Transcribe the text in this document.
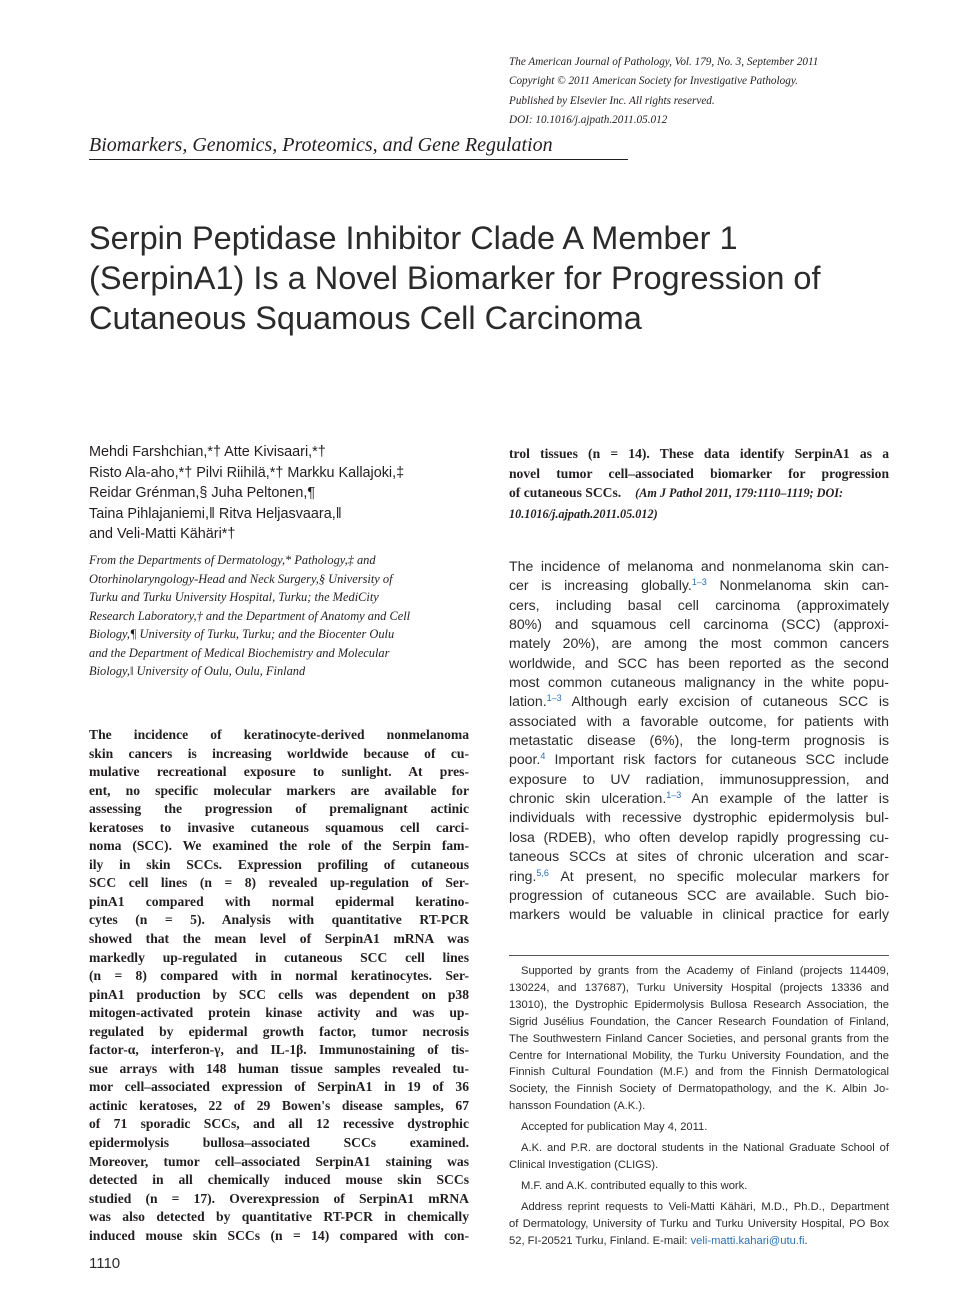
The American Journal of Pathology, Vol. 179, No. 3, September 2011
Copyright © 2011 American Society for Investigative Pathology.
Published by Elsevier Inc. All rights reserved.
DOI: 10.1016/j.ajpath.2011.05.012
Biomarkers, Genomics, Proteomics, and Gene Regulation
Serpin Peptidase Inhibitor Clade A Member 1
(SerpinA1) Is a Novel Biomarker for Progression of
Cutaneous Squamous Cell Carcinoma
Mehdi Farshchian,*† Atte Kivisaari,*†
Risto Ala-aho,*† Pilvi Riihilä,*† Markku Kallajoki,‡
Reidar Grénman,§ Juha Peltonen,¶
Taina Pihlajaniemi,‖ Ritva Heljasvaara,‖
and Veli-Matti Kähäri*†
From the Departments of Dermatology,* Pathology,‡ and
Otorhinolaryngology-Head and Neck Surgery,§ University of
Turku and Turku University Hospital, Turku; the MediCity
Research Laboratory,† and the Department of Anatomy and Cell
Biology,¶ University of Turku, Turku; and the Biocenter Oulu
and the Department of Medical Biochemistry and Molecular
Biology,‖ University of Oulu, Oulu, Finland
The incidence of keratinocyte-derived nonmelanoma
skin cancers is increasing worldwide because of cu-
mulative recreational exposure to sunlight. At pres-
ent, no specific molecular markers are available for
assessing the progression of premalignant actinic
keratoses to invasive cutaneous squamous cell carci-
noma (SCC). We examined the role of the Serpin fam-
ily in skin SCCs. Expression profiling of cutaneous
SCC cell lines (n = 8) revealed up-regulation of Ser-
pinA1 compared with normal epidermal keratino-
cytes (n = 5). Analysis with quantitative RT-PCR
showed that the mean level of SerpinA1 mRNA was
markedly up-regulated in cutaneous SCC cell lines
(n = 8) compared with in normal keratinocytes. Ser-
pinA1 production by SCC cells was dependent on p38
mitogen-activated protein kinase activity and was up-
regulated by epidermal growth factor, tumor necrosis
factor-α, interferon-γ, and IL-1β. Immunostaining of tis-
sue arrays with 148 human tissue samples revealed tu-
mor cell–associated expression of SerpinA1 in 19 of 36
actinic keratoses, 22 of 29 Bowen's disease samples, 67
of 71 sporadic SCCs, and all 12 recessive dystrophic
epidermolysis bullosa–associated SCCs examined.
Moreover, tumor cell–associated SerpinA1 staining was
detected in all chemically induced mouse skin SCCs
studied (n = 17). Overexpression of SerpinA1 mRNA
was also detected by quantitative RT-PCR in chemically
induced mouse skin SCCs (n = 14) compared with con-
trol tissues (n = 14). These data identify SerpinA1 as a
novel tumor cell–associated biomarker for progression
of cutaneous SCCs. (Am J Pathol 2011, 179:1110–1119; DOI:
10.1016/j.ajpath.2011.05.012)
The incidence of melanoma and nonmelanoma skin can-
cer is increasing globally.$^{1-3}$ Nonmelanoma skin can-
cers, including basal cell carcinoma (approximately
80%) and squamous cell carcinoma (SCC) (approxi-
mately 20%), are among the most common cancers
worldwide, and SCC has been reported as the second
most common cutaneous malignancy in the white popu-
lation.$^{1-3}$ Although early excision of cutaneous SCC is
associated with a favorable outcome, for patients with
metastatic disease (6%), the long-term prognosis is
poor.$^4$ Important risk factors for cutaneous SCC include
exposure to UV radiation, immunosuppression, and
chronic skin ulceration.$^{1-3}$ An example of the latter is
individuals with recessive dystrophic epidermolysis bul-
losa (RDEB), who often develop rapidly progressing cu-
taneous SCCs at sites of chronic ulceration and scar-
ring.$^{5,6}$ At present, no specific molecular markers for
progression of cutaneous SCC are available. Such bio-
markers would be valuable in clinical practice for early
Supported by grants from the Academy of Finland (projects 114409,
130224, and 137687), Turku University Hospital (projects 13336 and
13010), the Dystrophic Epidermolysis Bullosa Research Association, the
Sigrid Jusélius Foundation, the Cancer Research Foundation of Finland,
The Southwestern Finland Cancer Societies, and personal grants from the
Centre for International Mobility, the Turku University Foundation, and the
Finnish Cultural Foundation (M.F.) and from the Finnish Dermatological
Society, the Finnish Society of Dermatopathology, and the K. Albin Jo-
hansson Foundation (A.K.).
Accepted for publication May 4, 2011.
A.K. and P.R. are doctoral students in the National Graduate School of
Clinical Investigation (CLIGS).
M.F. and A.K. contributed equally to this work.
Address reprint requests to Veli-Matti Kähäri, M.D., Ph.D., Department
of Dermatology, University of Turku and Turku University Hospital, PO Box
52, FI-20521 Turku, Finland. E-mail: veli-matti.kahari@utu.fi.
1110
